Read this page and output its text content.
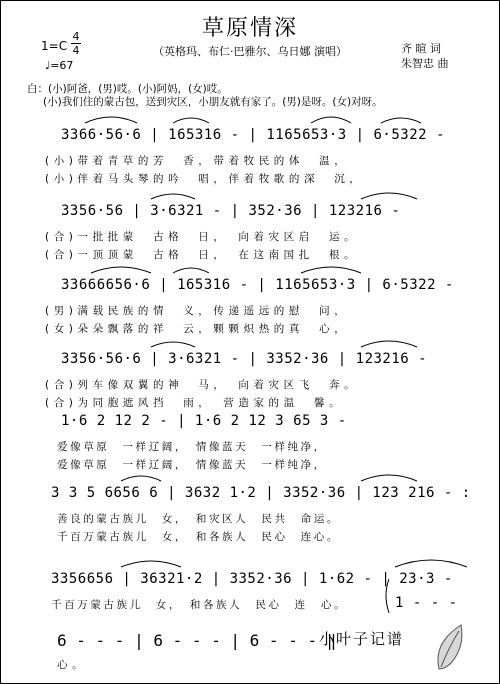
草原情深
（英格玛、布仁·巴雅尔、乌日娜 演唱）
1=C
4
4
♩=67
齐 暄 词
朱智忠 曲
白：(小)阿爸，(男)哎。(小)阿妈，(女)哎。
(小)我们住的蒙古包，送到灾区，小朋友就有家了。(男)是呀。(女)对呀。
3366·56·6 | 165316 - | 1165653·3 | 6·5322 -
(小)带着青草的芳　香，带着牧民的体　温，
(小)伴着马头琴的吟　唱，伴着牧歌的深　沉，
3356·56 | 3·6321 - | 352·36 | 123216 -
(合)一批批蒙　古格　日，　向着灾区启　运。
(合)一顶顶蒙　古格　日，　在这南国扎　根。
33666656·6 | 165316 - | 1165653·3 | 6·5322 -
(男)满载民族的情　义，传递遥远的慰　问，
(女)朵朵飘落的祥　云，颗颗炽热的真　心，
3356·56·6 | 3·6321 - | 3352·36 | 123216 -
(合)列车像双翼的神　马，　向着灾区飞　奔。
(合)为同胞遮风挡　雨，　营造家的温　馨。
1·6 2 12 2 - | 1·6 2 12 3 65 3 -
爱像草原　一样辽阔，　情像蓝天　一样纯净，
爱像草原　一样辽阔，　情像蓝天　一样纯净，
3 3 5 6656 6 | 3632 1·2 | 3352·36 | 123 216 - :
善良的蒙古族儿　女，　和灾区人　民共　命运。
千百万蒙古族儿　女，　和各族人　民心　连心。
3356656 | 36321·2 | 3352·36 | 1·62 - | 23·3 -
1 - - -
千百万蒙古族儿　女，　和各族人　民心　连　心。
6 - - - | 6 - - - | 6 - - - ‖
心。
小叶子记谱
